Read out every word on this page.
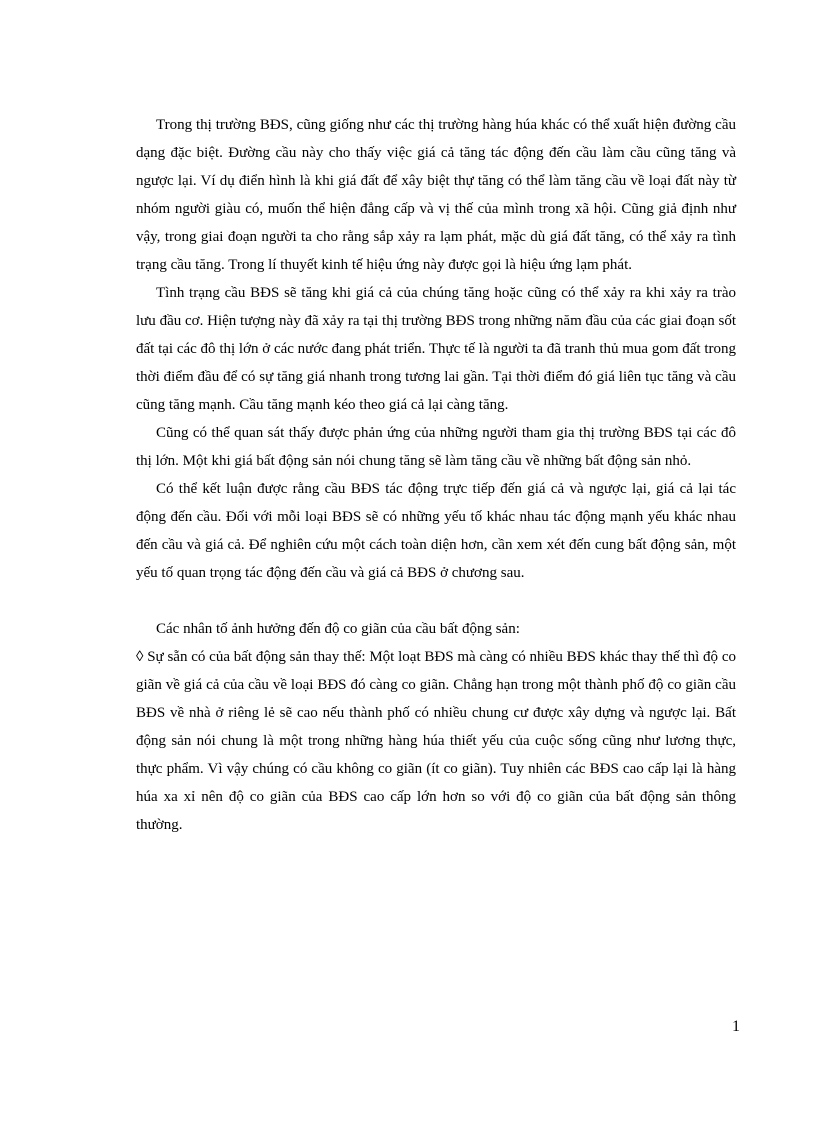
Trong thị trường BĐS, cũng giống như các thị trường hàng húa khác có thể xuất hiện đường cầu dạng đặc biệt. Đường cầu này cho thấy việc giá cả tăng tác động đến cầu làm cầu cũng tăng và ngược lại. Ví dụ điển hình là khi giá đất để xây biệt thự tăng có thể làm tăng cầu về loại đất này từ nhóm người giàu có, muốn thể hiện đẳng cấp và vị thế của mình trong xã hội. Cũng giả định như vậy, trong giai đoạn người ta cho rằng sắp xảy ra lạm phát, mặc dù giá đất tăng, có thể xảy ra tình trạng cầu tăng. Trong lí thuyết kinh tế hiệu ứng này được gọi là hiệu ứng lạm phát.

Tình trạng cầu BĐS sẽ tăng khi giá cả của chúng tăng hoặc cũng có thể xảy ra khi xảy ra trào lưu đầu cơ. Hiện tượng này đã xảy ra tại thị trường BĐS trong những năm đầu của các giai đoạn sốt đất tại các đô thị lớn ở các nước đang phát triển. Thực tế là người ta đã tranh thủ mua gom đất trong thời điểm đầu để có sự tăng giá nhanh trong tương lai gần. Tại thời điểm đó giá liên tục tăng và cầu cũng tăng mạnh. Cầu tăng mạnh kéo theo giá cả lại càng tăng.

Cũng có thể quan sát thấy được phản ứng của những người tham gia thị trường BĐS tại các đô thị lớn. Một khi giá bất động sản nói chung tăng sẽ làm tăng cầu về những bất động sản nhỏ.

Có thể kết luận được rằng cầu BĐS tác động trực tiếp đến giá cả và ngược lại, giá cả lại tác động đến cầu. Đối với mỗi loại BĐS sẽ có những yếu tố khác nhau tác động mạnh yếu khác nhau đến cầu và giá cả. Để nghiên cứu một cách toàn diện hơn, cần xem xét đến cung bất động sản, một yếu tố quan trọng tác động đến cầu và giá cả BĐS ở chương sau.

Các nhân tố ảnh hưởng đến độ co giãn của cầu bất động sản:

◊ Sự sẵn có của bất động sản thay thế: Một loạt BĐS mà càng có nhiều BĐS khác thay thế thì độ co giãn về giá cả của cầu về loại BĐS đó càng co giãn. Chẳng hạn trong một thành phố độ co giãn cầu BĐS về nhà ở riêng lẻ sẽ cao nếu thành phố có nhiều chung cư được xây dựng và ngược lại. Bất động sản nói chung là một trong những hàng húa thiết yếu của cuộc sống cũng như lương thực, thực phẩm. Vì vậy chúng có cầu không co giãn (ít co giãn). Tuy nhiên các BĐS cao cấp lại là hàng húa xa xỉ nên độ co giãn của BĐS cao cấp lớn hơn so với độ co giãn của bất động sản thông thường.

1
